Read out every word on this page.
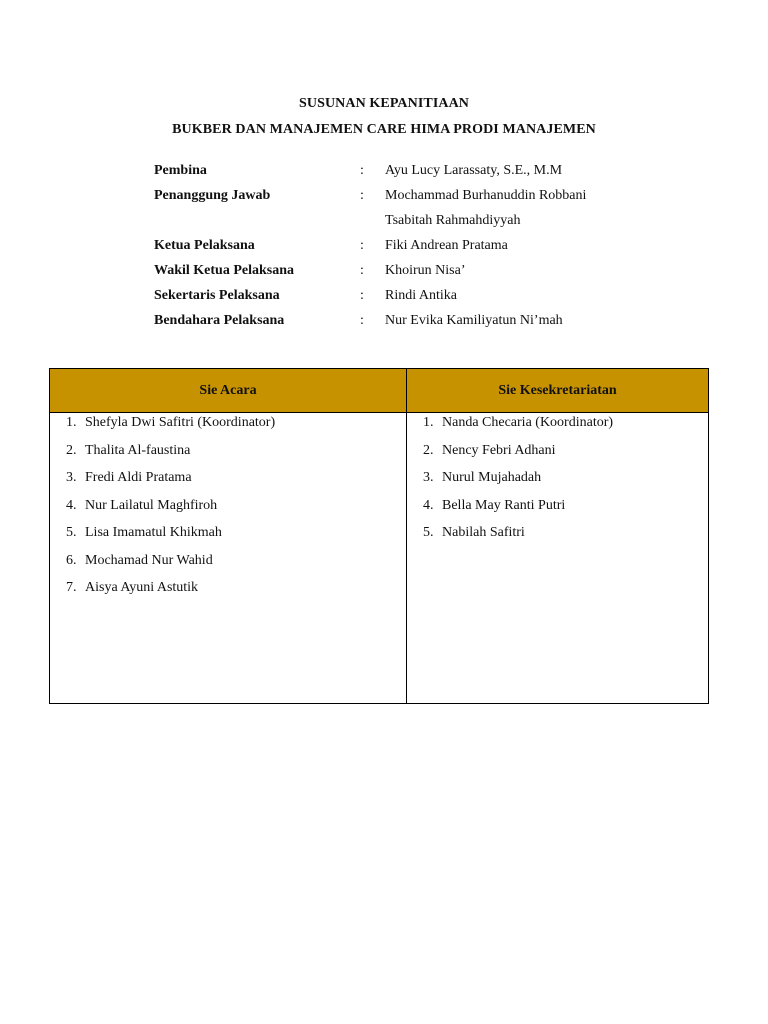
SUSUNAN KEPANITIAAN
BUKBER DAN MANAJEMEN CARE HIMA PRODI MANAJEMEN
Pembina	: Ayu Lucy Larassaty, S.E., M.M
Penanggung Jawab	: Mochammad Burhanuddin Robbani
Tsabitah Rahmahdiyyah
Ketua Pelaksana	: Fiki Andrean Pratama
Wakil Ketua Pelaksana	: Khoirun Nisa’
Sekertaris Pelaksana	: Rindi Antika
Bendahara Pelaksana	: Nur Evika Kamiliyatun Ni’mah
Sie Acara
1. Shefyla Dwi Safitri (Koordinator)
2. Thalita Al-faustina
3. Fredi Aldi Pratama
4. Nur Lailatul Maghfiroh
5. Lisa Imamatul Khikmah
6. Mochamad Nur Wahid
7. Aisya Ayuni Astutik
Sie Kesekretariatan
1. Nanda Checaria (Koordinator)
2. Nency Febri Adhani
3. Nurul Mujahadah
4. Bella May Ranti Putri
5. Nabilah Safitri
